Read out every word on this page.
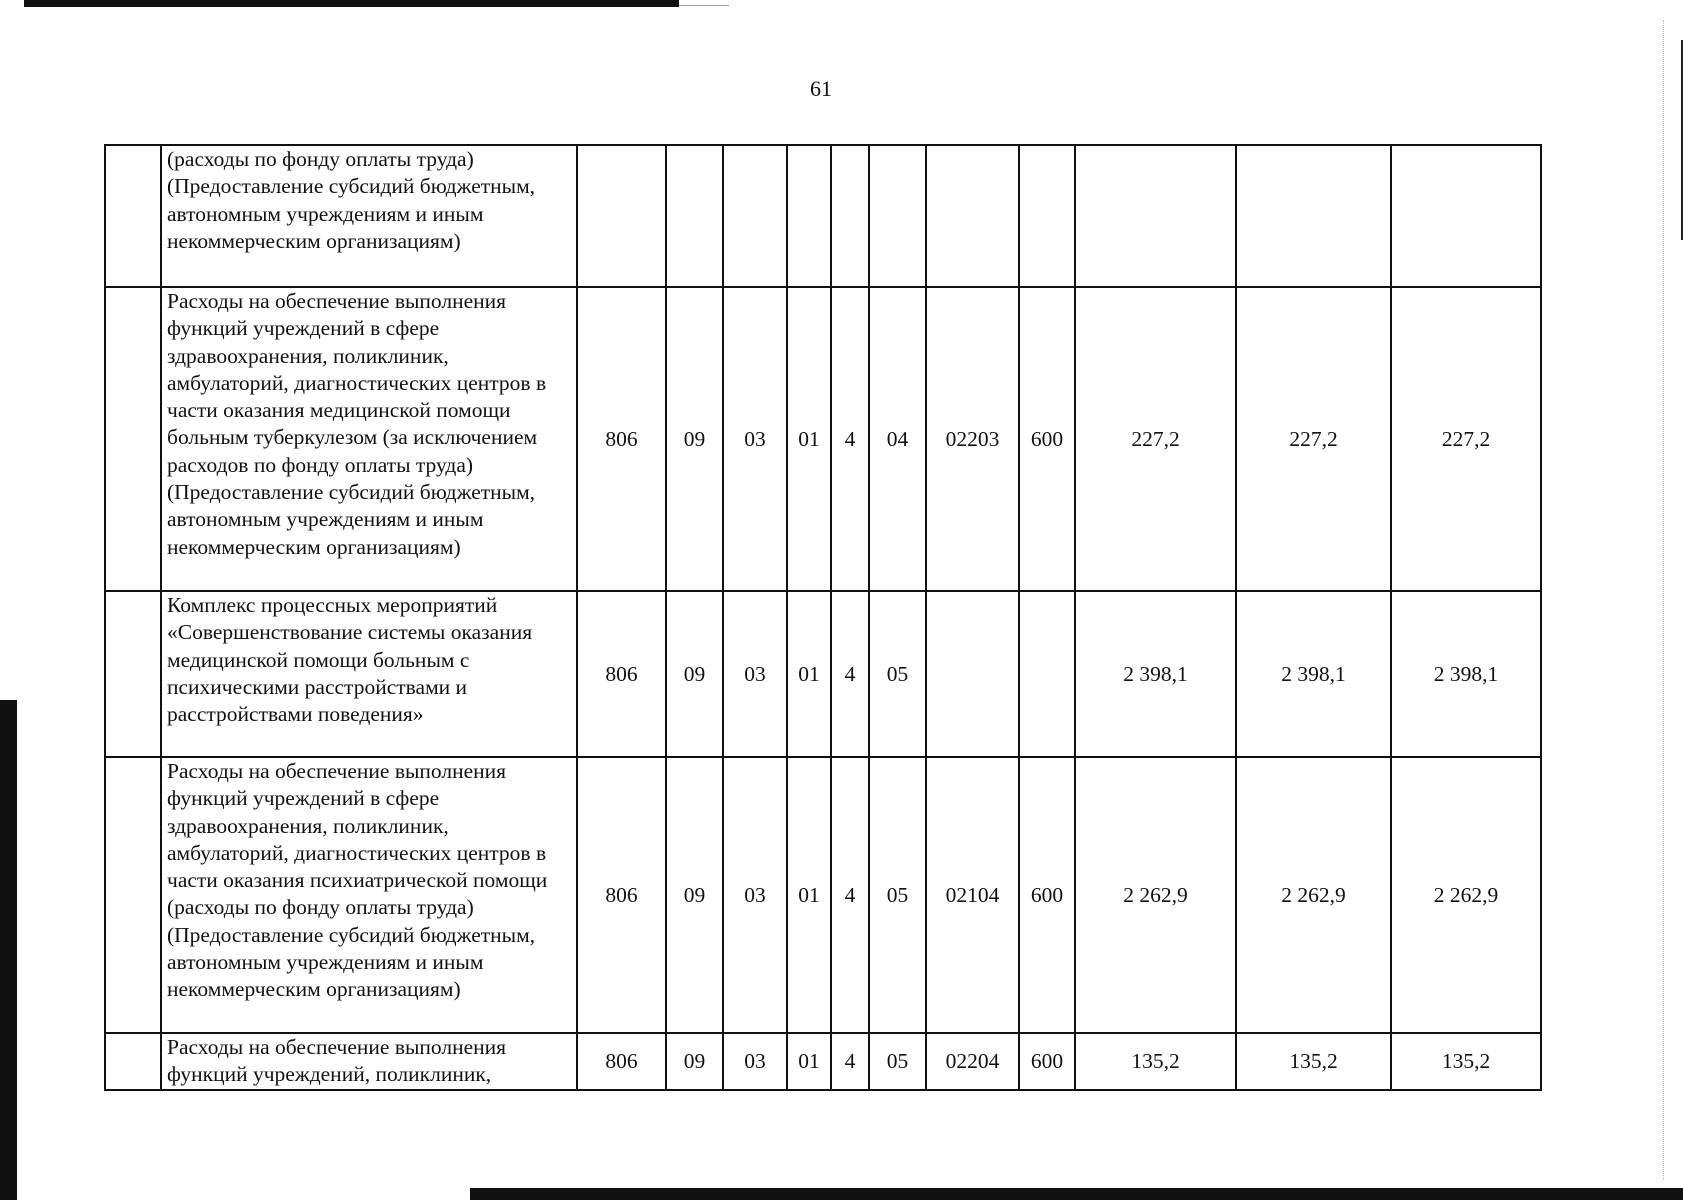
61
	(расходы по фонду оплаты труда) (Предоставление субсидий бюджетным, автономным учреждениям и иным некоммерческим организациям)											
	Расходы на обеспечение выполнения функций учреждений в сфере здравоохранения, поликлиник, амбулаторий, диагностических центров в части оказания медицинской помощи больным туберкулезом (за исключением расходов по фонду оплаты труда) (Предоставление субсидий бюджетным, автономным учреждениям и иным некоммерческим организациям)	806	09	03	01	4	04	02203	600	227,2	227,2	227,2
	Комплекс процессных мероприятий «Совершенствование системы оказания медицинской помощи больным с психическими расстройствами и расстройствами поведения»	806	09	03	01	4	05			2 398,1	2 398,1	2 398,1
	Расходы на обеспечение выполнения функций учреждений в сфере здравоохранения, поликлиник, амбулаторий, диагностических центров в части оказания психиатрической помощи (расходы по фонду оплаты труда) (Предоставление субсидий бюджетным, автономным учреждениям и иным некоммерческим организациям)	806	09	03	01	4	05	02104	600	2 262,9	2 262,9	2 262,9
	Расходы на обеспечение выполнения функций учреждений, поликлиник,	806	09	03	01	4	05	02204	600	135,2	135,2	135,2
